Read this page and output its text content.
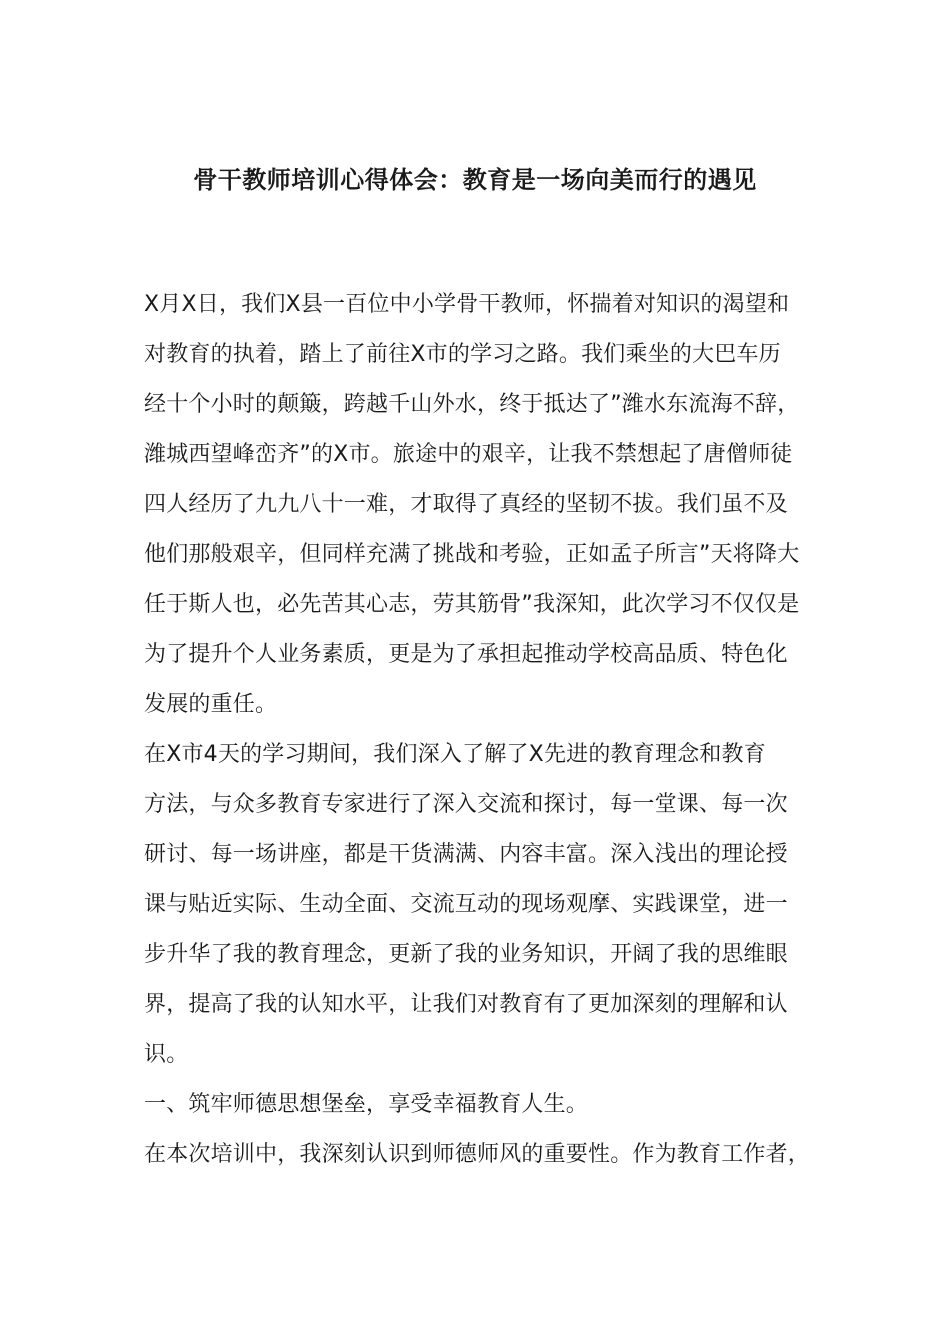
骨干教师培训心得体会：教育是一场向美而行的遇见
X月X日，我们X县一百位中小学骨干教师，怀揣着对知识的渴望和
对教育的执着，踏上了前往X市的学习之路。我们乘坐的大巴车历
经十个小时的颠簸，跨越千山外水，终于抵达了”潍水东流海不辞，
潍城西望峰峦齐”的X市。旅途中的艰辛，让我不禁想起了唐僧师徒
四人经历了九九八十一难，才取得了真经的坚韧不拔。我们虽不及
他们那般艰辛，但同样充满了挑战和考验，正如孟子所言”天将降大
任于斯人也，必先苦其心志，劳其筋骨”我深知，此次学习不仅仅是
为了提升个人业务素质，更是为了承担起推动学校高品质、特色化
发展的重任。
在X市4天的学习期间，我们深入了解了X先进的教育理念和教育
方法，与众多教育专家进行了深入交流和探讨，每一堂课、每一次
研讨、每一场讲座，都是干货满满、内容丰富。深入浅出的理论授
课与贴近实际、生动全面、交流互动的现场观摩、实践课堂，进一
步升华了我的教育理念，更新了我的业务知识，开阔了我的思维眼
界，提高了我的认知水平，让我们对教育有了更加深刻的理解和认
识。
一、筑牢师德思想堡垒，享受幸福教育人生。
在本次培训中，我深刻认识到师德师风的重要性。作为教育工作者，
